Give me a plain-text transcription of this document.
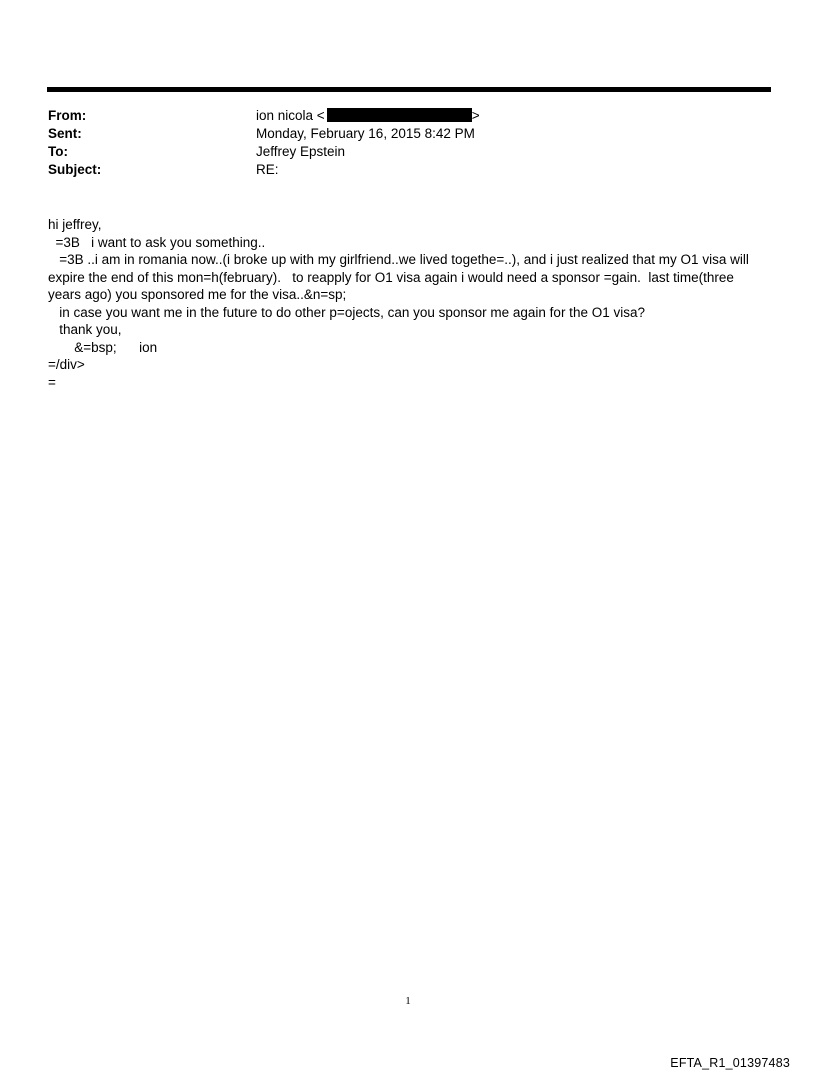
From:	ion nicola <	>
Sent:	Monday, February 16, 2015 8:42 PM
To:	Jeffrey Epstein
Subject:	RE:

hi jeffrey,

=3B   i want to ask you something..

=3B ..i am in romania now..(i broke up with my girlfriend..we lived togethe=..), and i just realized that my O1 visa will expire the end of this mon=h(february).   to reapply for O1 visa again i would need a sponsor =gain.  last time(three years ago) you sponsored me for the visa..&n=sp;

in case you want me in the future to do other p=ojects, can you sponsor me again for the O1 visa?

thank you,

&=bsp;      ion

=/div>

=

1
EFTA_R1_01397483
